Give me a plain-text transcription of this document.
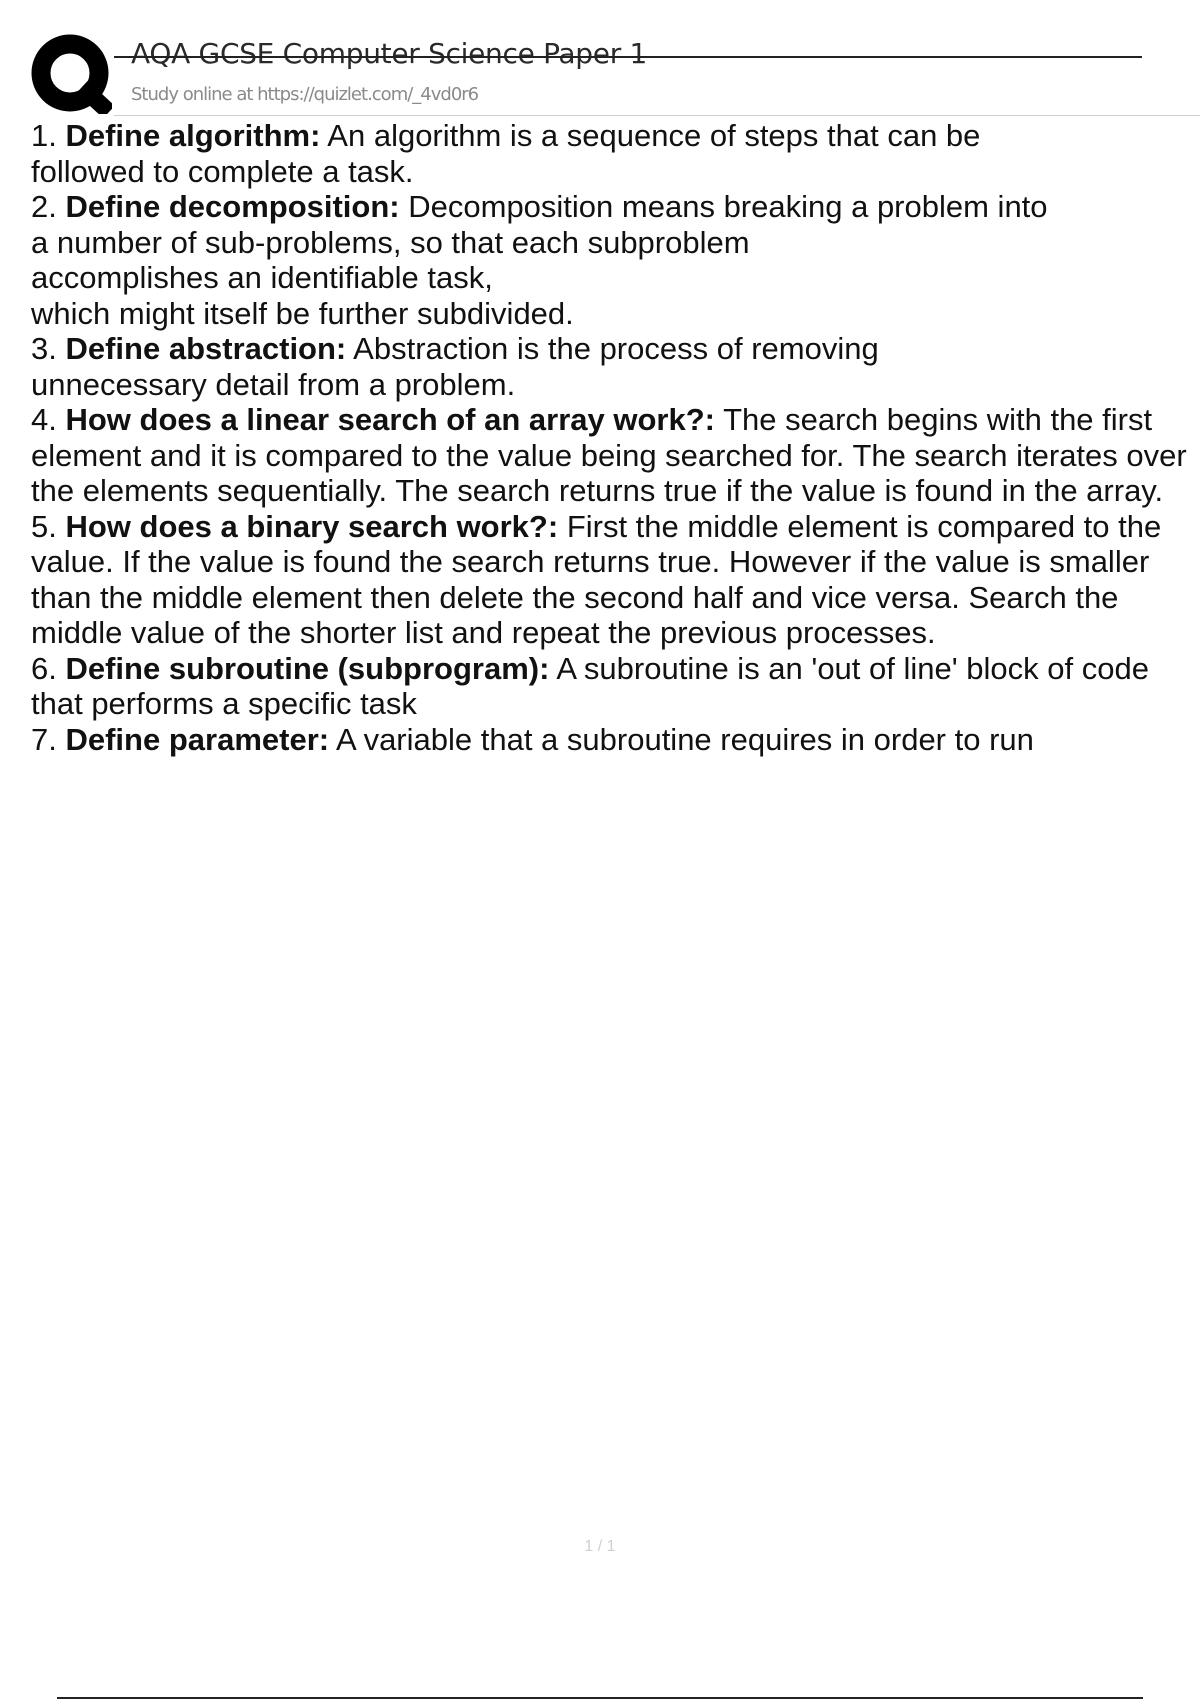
AQA GCSE Computer Science Paper 1
Study online at https://quizlet.com/_4vd0r6
1. Define algorithm: An algorithm is a sequence of steps that can be
followed to complete a task.
2. Define decomposition: Decomposition means breaking a problem into
a number of sub-problems, so that each subproblem
accomplishes an identifiable task,
which might itself be further subdivided.
3. Define abstraction: Abstraction is the process of removing
unnecessary detail from a problem.
4. How does a linear search of an array work?: The search begins with the first
element and it is compared to the value being searched for. The search iterates over
the elements sequentially. The search returns true if the value is found in the array.
5. How does a binary search work?: First the middle element is compared to the
value. If the value is found the search returns true. However if the value is smaller
than the middle element then delete the second half and vice versa. Search the
middle value of the shorter list and repeat the previous processes.
6. Define subroutine (subprogram): A subroutine is an 'out of line' block of code
that performs a specific task
7. Define parameter: A variable that a subroutine requires in order to run
1 / 1
